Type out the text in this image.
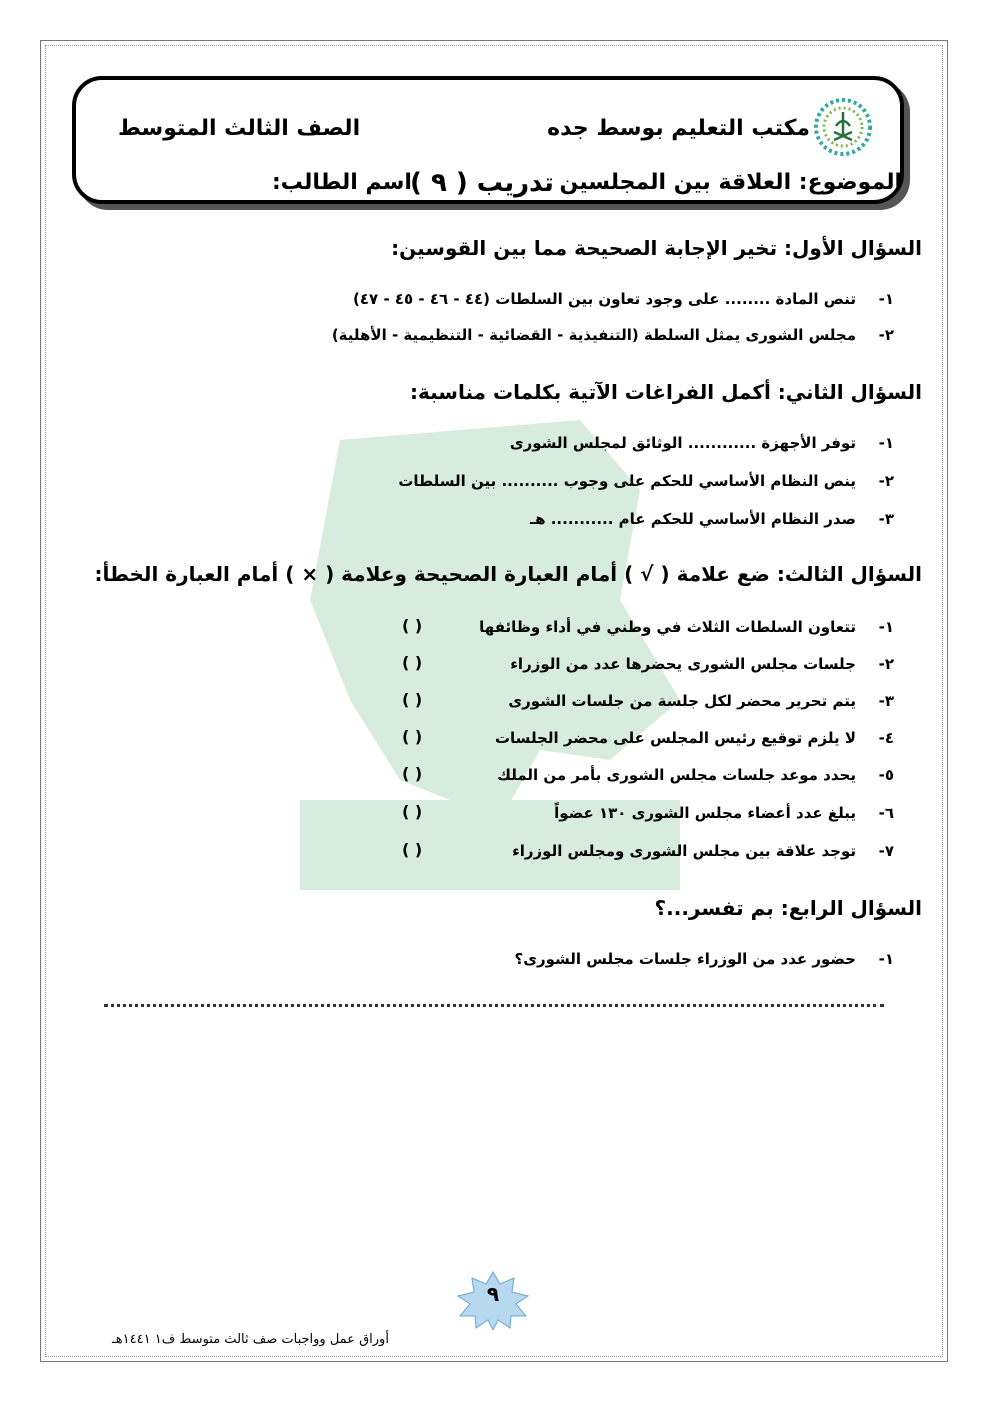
مكتب التعليم بوسط جده
الصف الثالث المتوسط
الموضوع: العلاقة بين المجلسين
تدريب ( ٩ )
اسم الطالب:
السؤال الأول: تخير الإجابة الصحيحة مما بين القوسين:
١-تنص المادة ........ على وجود تعاون بين السلطات (٤٤ - ٤٦ - ٤٥ - ٤٧)
٢-مجلس الشورى يمثل السلطة (التنفيذية - القضائية - التنظيمية - الأهلية)
السؤال الثاني: أكمل الفراغات الآتية بكلمات مناسبة:
١-توفر الأجهزة ............ الوثائق لمجلس الشورى
٢-ينص النظام الأساسي للحكم على وجوب .......... بين السلطات
٣-صدر النظام الأساسي للحكم عام ........... هـ
السؤال الثالث: ضع علامة ( √ ) أمام العبارة الصحيحة وعلامة ( × ) أمام العبارة الخطأ:
١-تتعاون السلطات الثلاث في وطني في أداء وظائفها
( )
٢-جلسات مجلس الشورى يحضرها عدد من الوزراء
( )
٣-يتم تحرير محضر لكل جلسة من جلسات الشورى
( )
٤-لا يلزم توقيع رئيس المجلس على محضر الجلسات
( )
٥-يحدد موعد جلسات مجلس الشورى بأمر من الملك
( )
٦-يبلغ عدد أعضاء مجلس الشورى ١٣٠ عضواً
( )
٧-توجد علاقة بين مجلس الشورى ومجلس الوزراء
( )
السؤال الرابع: بم تفسر...؟
١-حضور عدد من الوزراء جلسات مجلس الشورى؟
٩
أوراق عمل وواجبات صف ثالث متوسط ف١ ١٤٤١هـ
